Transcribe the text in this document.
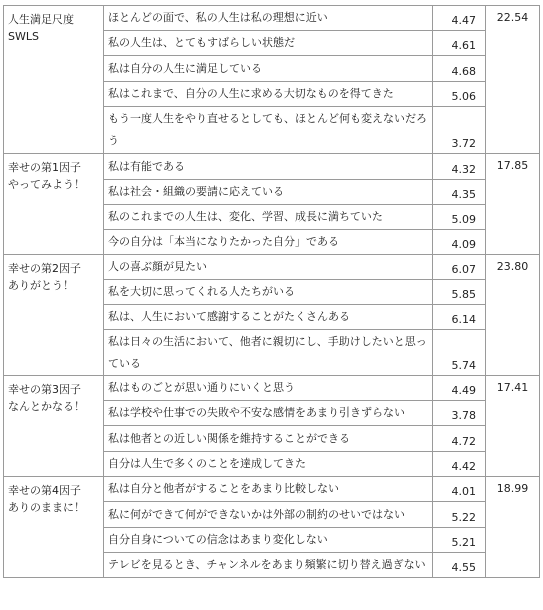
人生満足尺度
SWLS	ほとんどの面で、私の人生は私の理想に近い	4.47	22.54
	私の人生は、とてもすばらしい状態だ	4.61	
	私は自分の人生に満足している	4.68	
	私はこれまで、自分の人生に求める大切なものを得てきた	5.06	
	もう一度人生をやり直せるとしても、ほとんど何も変えないだろう	3.72	

幸せの第1因子
やってみよう！	私は有能である	4.32	17.85
	私は社会・組織の要請に応えている	4.35	
	私のこれまでの人生は、変化、学習、成長に満ちていた	5.09	
	今の自分は「本当になりたかった自分」である	4.09	

幸せの第2因子
ありがとう！	人の喜ぶ顔が見たい	6.07	23.80
	私を大切に思ってくれる人たちがいる	5.85	
	私は、人生において感謝することがたくさんある	6.14	
	私は日々の生活において、他者に親切にし、手助けしたいと思っている	5.74	

幸せの第3因子
なんとかなる！	私はものごとが思い通りにいくと思う	4.49	17.41
	私は学校や仕事での失敗や不安な感情をあまり引きずらない	3.78	
	私は他者との近しい関係を維持することができる	4.72	
	自分は人生で多くのことを達成してきた	4.42	

幸せの第4因子
ありのままに！	私は自分と他者がすることをあまり比較しない	4.01	18.99
	私に何ができて何ができないかは外部の制約のせいではない	5.22	
	自分自身についての信念はあまり変化しない	5.21	
	テレビを見るとき、チャンネルをあまり頻繁に切り替え過ぎない	4.55	
